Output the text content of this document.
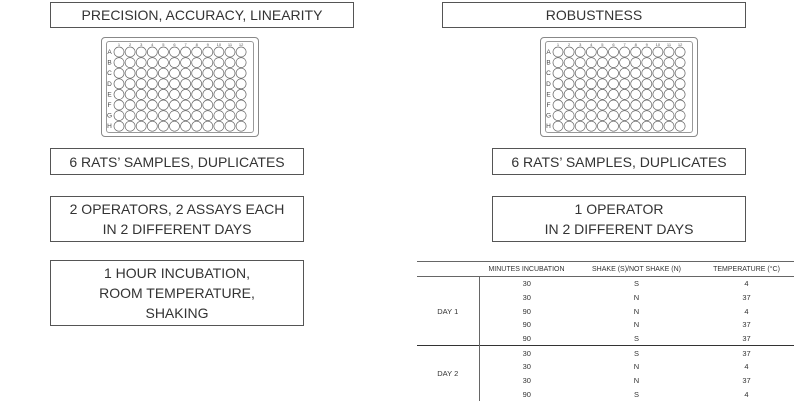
PRECISION, ACCURACY, LINEARITY
1 2 3 4 5 6 7 8 9 10 11 12
A
B
C
D
E
F
G
H
6 RATS’ SAMPLES, DUPLICATES
2 OPERATORS, 2 ASSAYS EACH
IN 2 DIFFERENT DAYS
1 HOUR INCUBATION,
ROOM TEMPERATURE,
SHAKING
ROBUSTNESS
1 2 3 4 5 6 7 8 9 10 11 12
A
B
C
D
E
F
G
H
6 RATS’ SAMPLES, DUPLICATES
1 OPERATOR
IN 2 DIFFERENT DAYS
	MINUTES INCUBATION	SHAKE (S)/NOT SHAKE (N)	TEMPERATURE (°C)
DAY 1	30	S	4
	30	N	37
	90	N	4
	90	N	37
	90	S	37
DAY 2	30	S	37
	30	N	4
	30	N	37
	90	S	4
